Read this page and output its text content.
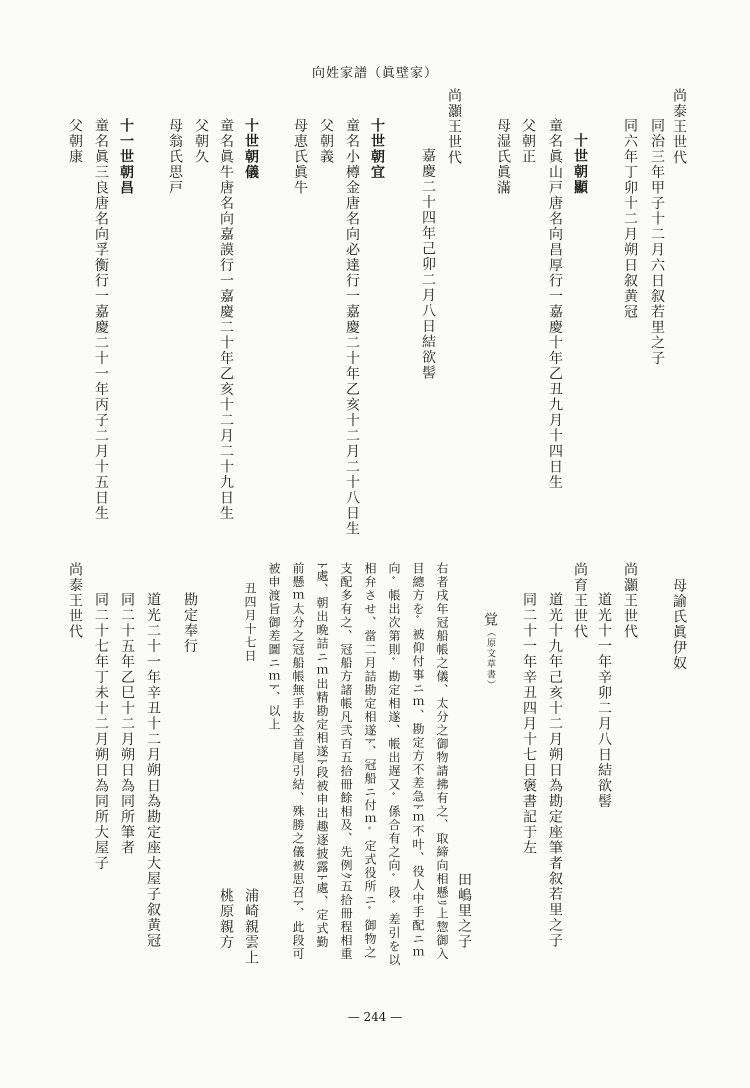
向姓家譜（眞壁家）
尚泰王世代
同治三年甲子十二月六日叙若里之子
同六年丁卯十二月朔日叙黄冠
十世朝顯
童名眞山戸唐名向昌厚行一嘉慶十年乙丑九月十四日生
父朝正
母湿氏眞滿
尚灝王世代
嘉慶二十四年己卯二月八日結欲髻
十世朝宜
童名小樽金唐名向必達行一嘉慶二十年乙亥十二月二十八日生
父朝義
母恵氏眞牛
十世朝儀
童名眞牛唐名向嘉謨行一嘉慶二十年乙亥十二月二十九日生
父朝久
母翁氏思戸
十一世朝昌
童名眞三良唐名向孚衡行一嘉慶二十一年丙子二月十五日生
父朝康
母諭氏眞伊奴
尚灝王世代
道光十一年辛卯二月八日結欲髻
尚育王世代
道光十九年己亥十二月朔日為勘定座筆者叙若里之子
同二十一年辛丑四月十七日褒書記于左
覚（原文草書）
田嶋里之子
右者戌年冠船帳之儀、太分之御物請拂有之、取締向相懸ﾘ上惣御入
目總方をﾞ被仰付事ニｍ、勘定方不差急ﾄｍ不叶、役人中手配ニｍ
向ﾞ帳出次第則ﾞ勘定相遂、帳出遅又ﾞ係合有之向ﾞ段ﾞ差引を以
相弁させ、當二月詰勘定相遂ﾄ、冠船ニ付ｍﾞ定式役所ニﾞ御物之
支配多有之、冠船方諸帳凡弐百五拾冊餘相及、先例ｸ五拾冊程相重
ﾄ處、朝出晩詰ニｍ出精勘定相遂ﾄ段被申出趣逐披露ﾄ處、定式勤
前懸ｍ太分之冠船帳無手抜全首尾引結、殊勝之儀被思召ﾄ、此段可
被申渡旨御差圖ニｍﾄ、以上
丑四月十七日
浦崎親雲上
桃原親方
勘定奉行
道光二十一年辛丑十二月朔日為勘定座大屋子叙黄冠
同二十五年乙巳十二月朔日為同所筆者
同二十七年丁未十二月朔日為同所大屋子
尚泰王世代
— 244 —
